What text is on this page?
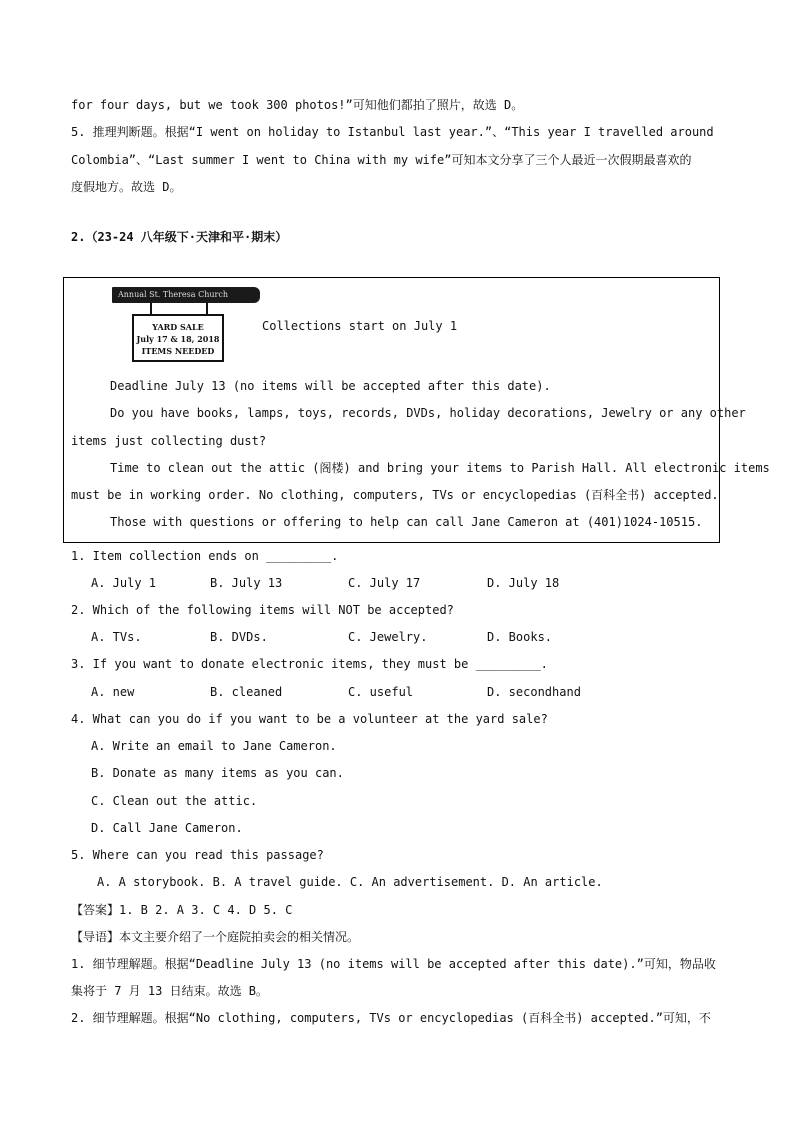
for four days, but we took 300 photos!”可知他们都拍了照片，故选 D。
5. 推理判断题。根据“I went on holiday to Istanbul last year.”、“This year I travelled around
Colombia”、“Last summer I went to China with my wife”可知本文分享了三个人最近一次假期最喜欢的
度假地方。故选 D。
2.（23-24 八年级下·天津和平·期末）
Annual St. Theresa Church
YARD SALE
July 17 & 18, 2018
ITEMS NEEDED
Collections start on July 1
Deadline July 13 (no items will be accepted after this date).
Do you have books, lamps, toys, records, DVDs, holiday decorations, Jewelry or any other
items just collecting dust?
Time to clean out the attic (阁楼) and bring your items to Parish Hall. All electronic items
must be in working order. No clothing, computers, TVs or encyclopedias (百科全书) accepted.
Those with questions or offering to help can call Jane Cameron at (401)1024-10515.
1. Item collection ends on _________.
A. July 1	B. July 13	C. July 17	D. July 18
2. Which of the following items will NOT be accepted?
A. TVs.	B. DVDs.	C. Jewelry.	D. Books.
3. If you want to donate electronic items, they must be _________.
A. new	B. cleaned	C. useful	D. secondhand
4. What can you do if you want to be a volunteer at the yard sale?
A. Write an email to Jane Cameron.
B. Donate as many items as you can.
C. Clean out the attic.
D. Call Jane Cameron.
5. Where can you read this passage?
A. A storybook. B. A travel guide. C. An advertisement. D. An article.
【答案】1. B 2. A 3. C 4. D 5. C
【导语】本文主要介绍了一个庭院拍卖会的相关情况。
1. 细节理解题。根据“Deadline July 13 (no items will be accepted after this date).”可知，物品收
集将于 7 月 13 日结束。故选 B。
2. 细节理解题。根据“No clothing, computers, TVs or encyclopedias (百科全书) accepted.”可知，不
